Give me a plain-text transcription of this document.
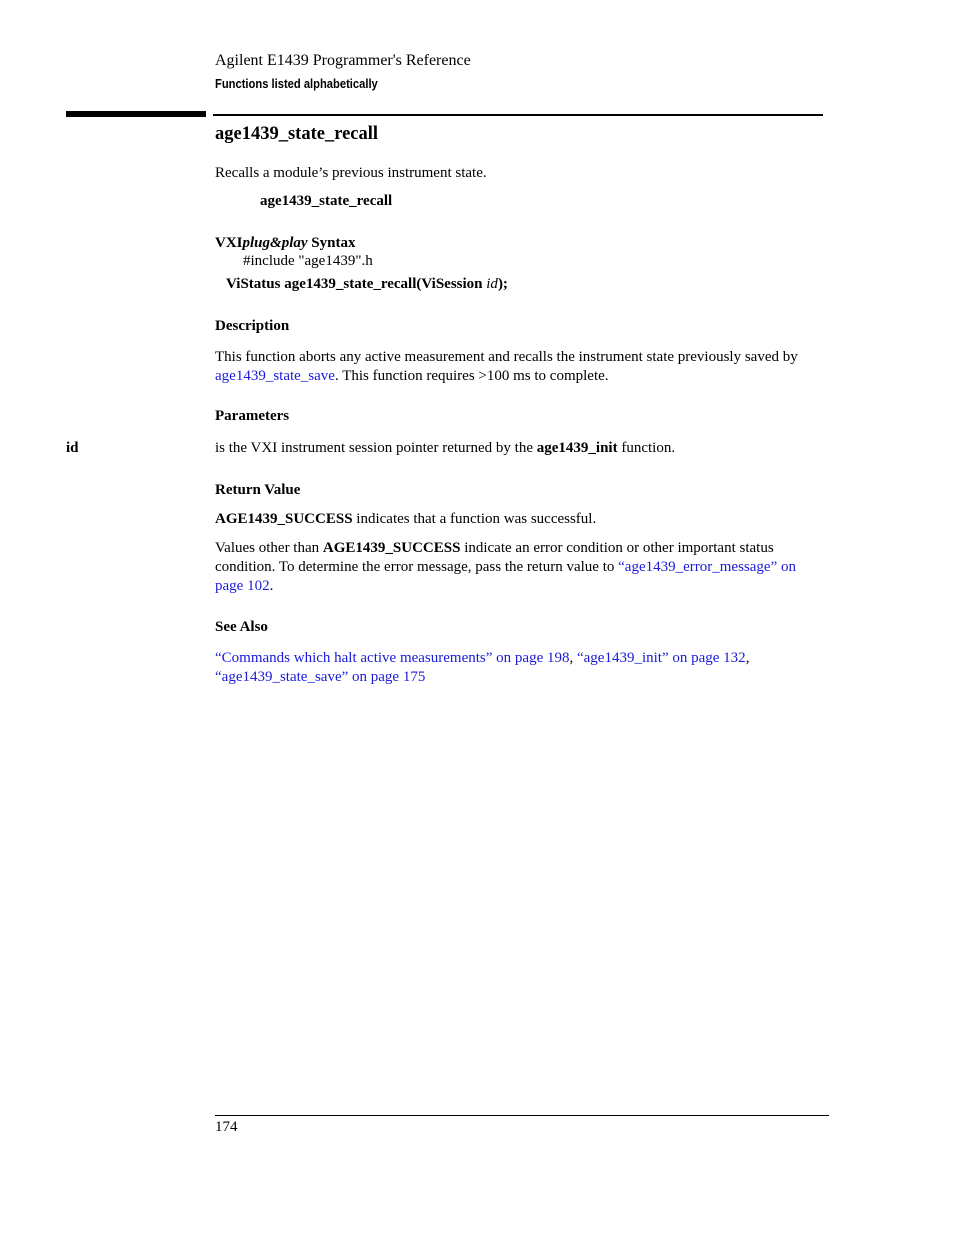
Agilent E1439 Programmer's Reference
Functions listed alphabetically
age1439_state_recall
Recalls a module’s previous instrument state.
age1439_state_recall
VXIplug&play Syntax
#include "age1439".h
ViStatus age1439_state_recall(ViSession id);
Description
This function aborts any active measurement and recalls the instrument state previously saved by age1439_state_save. This function requires >100 ms to complete.
Parameters
id	is the VXI instrument session pointer returned by the age1439_init function.
Return Value
AGE1439_SUCCESS indicates that a function was successful.
Values other than AGE1439_SUCCESS indicate an error condition or other important status condition. To determine the error message, pass the return value to “age1439_error_message” on page 102.
See Also
“Commands which halt active measurements” on page 198, “age1439_init” on page 132,
“age1439_state_save” on page 175
174
